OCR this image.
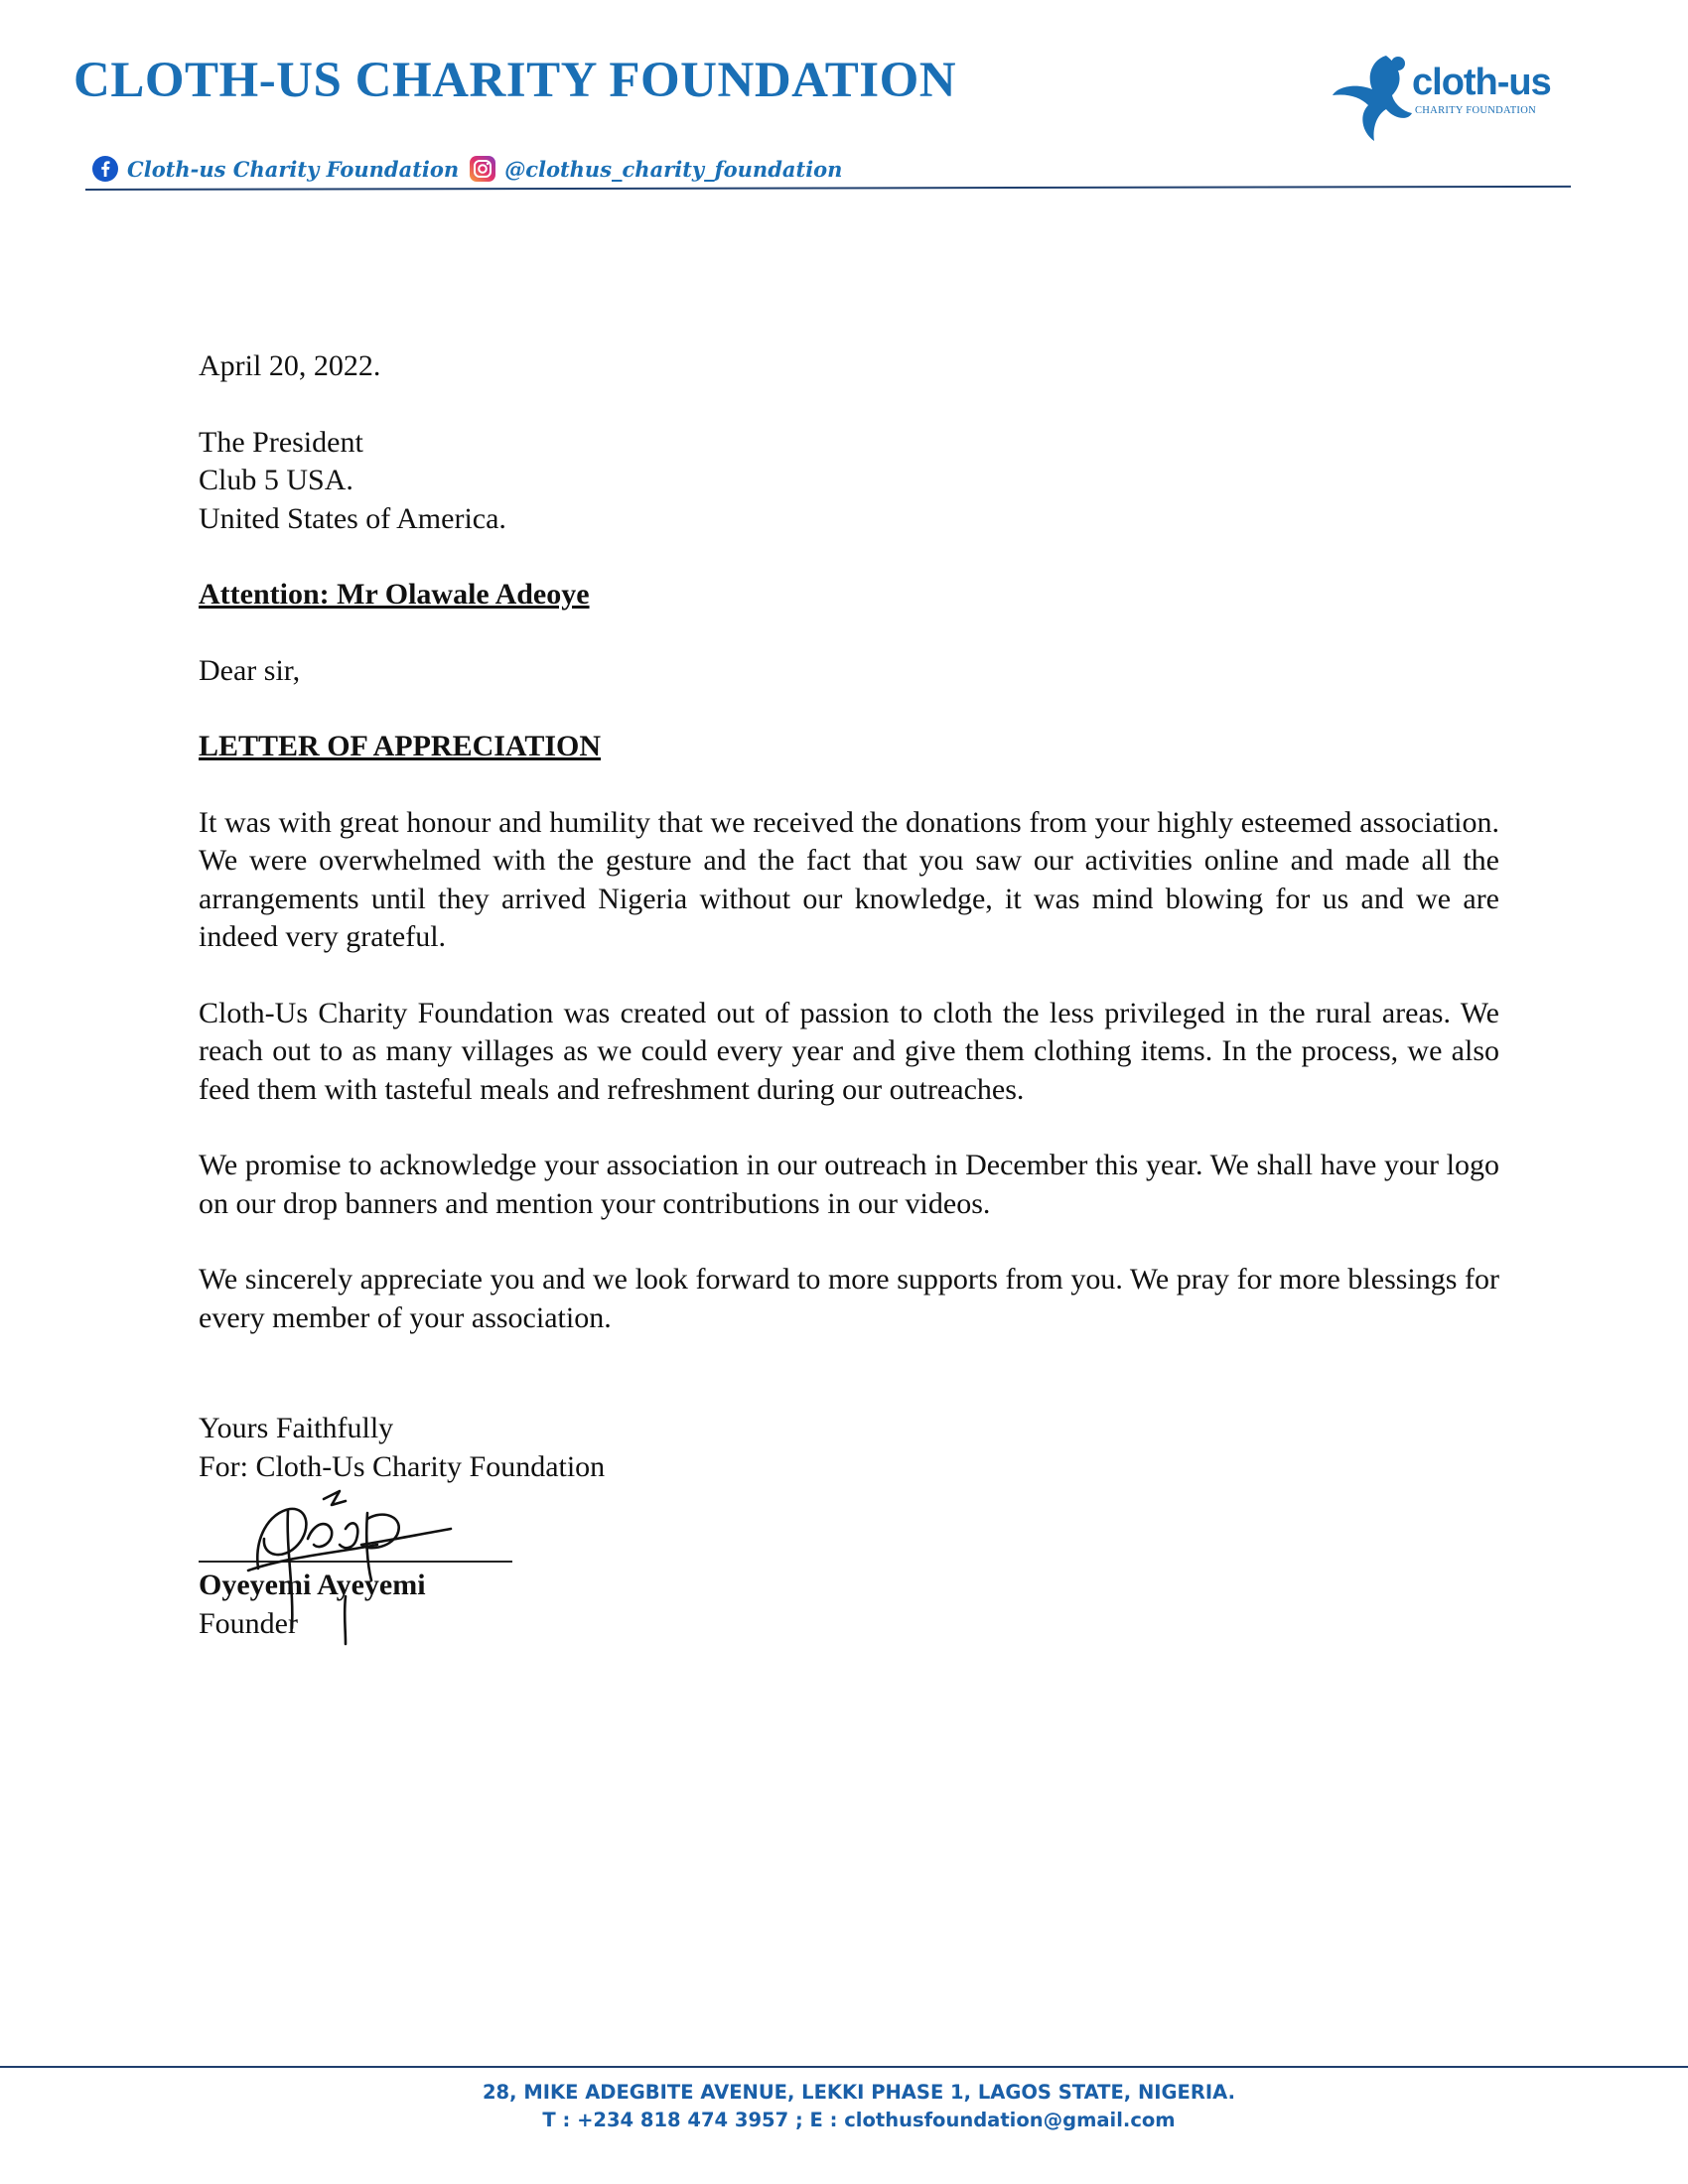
CLOTH-US CHARITY FOUNDATION	cloth-us
CHARITY FOUNDATION
Cloth-us Charity Foundation @clothus_charity_foundation

April 20, 2022.

The President

Club 5 USA.

United States of America.

Attention: Mr Olawale Adeoye

Dear sir,

LETTER OF APPRECIATION

It was with great honour and humility that we received the donations from your highly esteemed association. We were overwhelmed with the gesture and the fact that you saw our activities online and made all the arrangements until they arrived Nigeria without our knowledge, it was mind blowing for us and we are indeed very grateful.

Cloth-Us Charity Foundation was created out of passion to cloth the less privileged in the rural areas. We reach out to as many villages as we could every year and give them clothing items. In the process, we also feed them with tasteful meals and refreshment during our outreaches.

We promise to acknowledge your association in our outreach in December this year. We shall have your logo on our drop banners and mention your contributions in our videos.

We sincerely appreciate you and we look forward to more supports from you. We pray for more blessings for every member of your association.

Yours Faithfully

For: Cloth-Us Charity Foundation

Oyeyemi Ayeyemi
Founder
28, MIKE ADEGBITE AVENUE, LEKKI PHASE 1, LAGOS STATE, NIGERIA.
T : +234 818 474 3957 ; E : clothusfoundation@gmail.com
